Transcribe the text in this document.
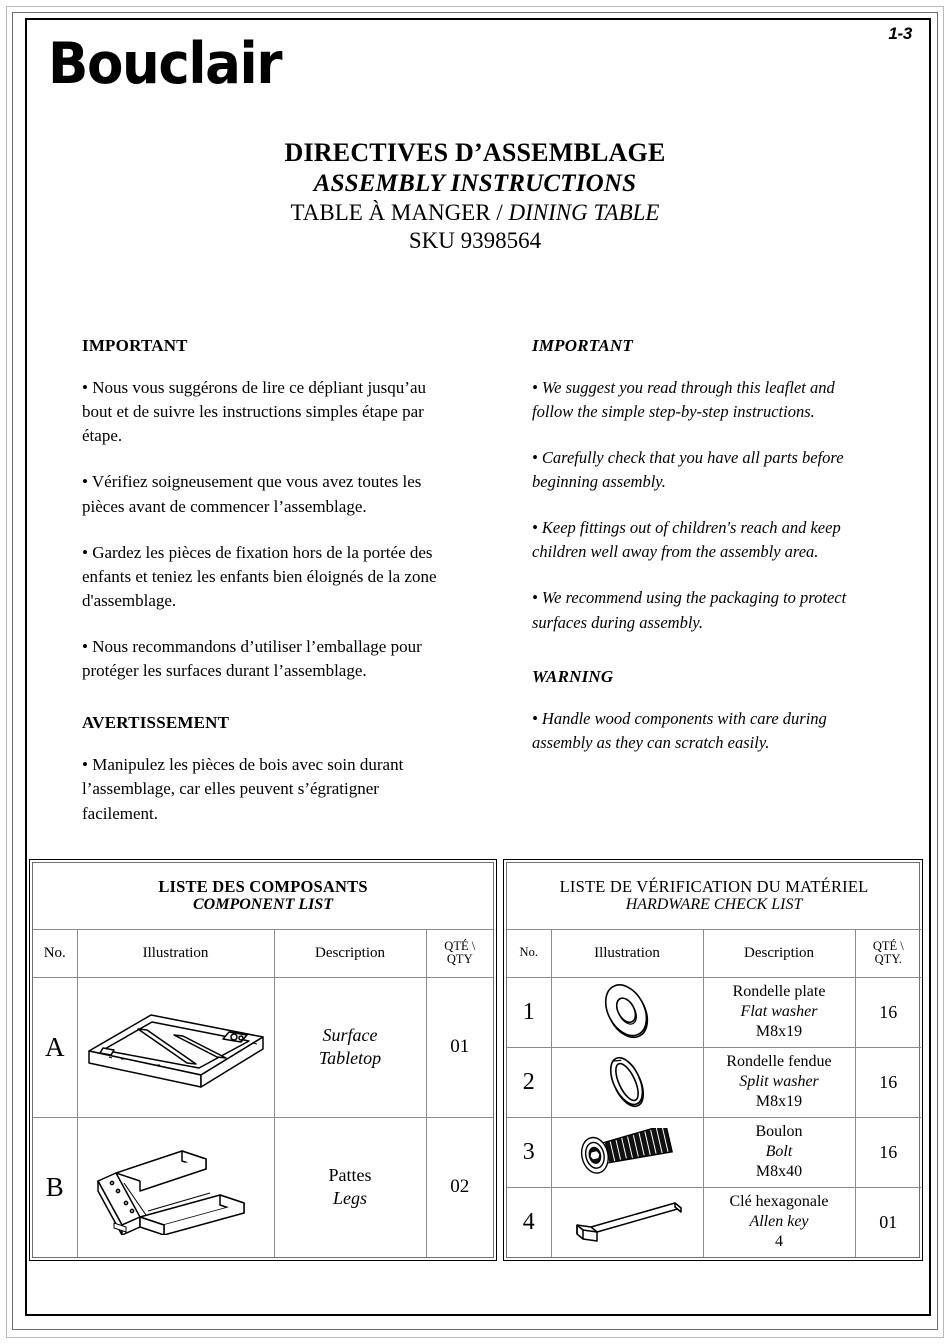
1-3
Bouclair
DIRECTIVES D’ASSEMBLAGE
ASSEMBLY INSTRUCTIONS
TABLE À MANGER / DINING TABLE
SKU 9398564
IMPORTANT

• Nous vous suggérons de lire ce dépliant jusqu’au bout et de suivre les instructions simples étape par étape.

• Vérifiez soigneusement que vous avez toutes les pièces avant de commencer l’assemblage.

• Gardez les pièces de fixation hors de la portée des enfants et teniez les enfants bien éloignés de la zone d'assemblage.

• Nous recommandons d’utiliser l’emballage pour protéger les surfaces durant l’assemblage.

AVERTISSEMENT

• Manipulez les pièces de bois avec soin durant l’assemblage, car elles peuvent s’égratigner facilement.

IMPORTANT

• We suggest you read through this leaflet and follow the simple step-by-step instructions.

• Carefully check that you have all parts before beginning assembly.

• Keep fittings out of children's reach and keep children well away from the assembly area.

• We recommend using the packaging to protect surfaces during assembly.

WARNING

• Handle wood components with care during assembly as they can scratch easily.

LISTE DES COMPOSANTS
COMPONENT LIST			

No.	Illustration	Description	QTÉ \
QTY

A		Surface
Tabletop	01
B		Pattes
Legs	02
LISTE DE VÉRIFICATION DU MATÉRIEL
HARDWARE CHECK LIST			

No.	Illustration	Description	QTÉ \
QTY.

1		Rondelle plate
Flat washer
M8x19	16
2		Rondelle fendue
Split washer
M8x19	16
3		Boulon
Bolt
M8x40	16
4		Clé hexagonale
Allen key
4	01
